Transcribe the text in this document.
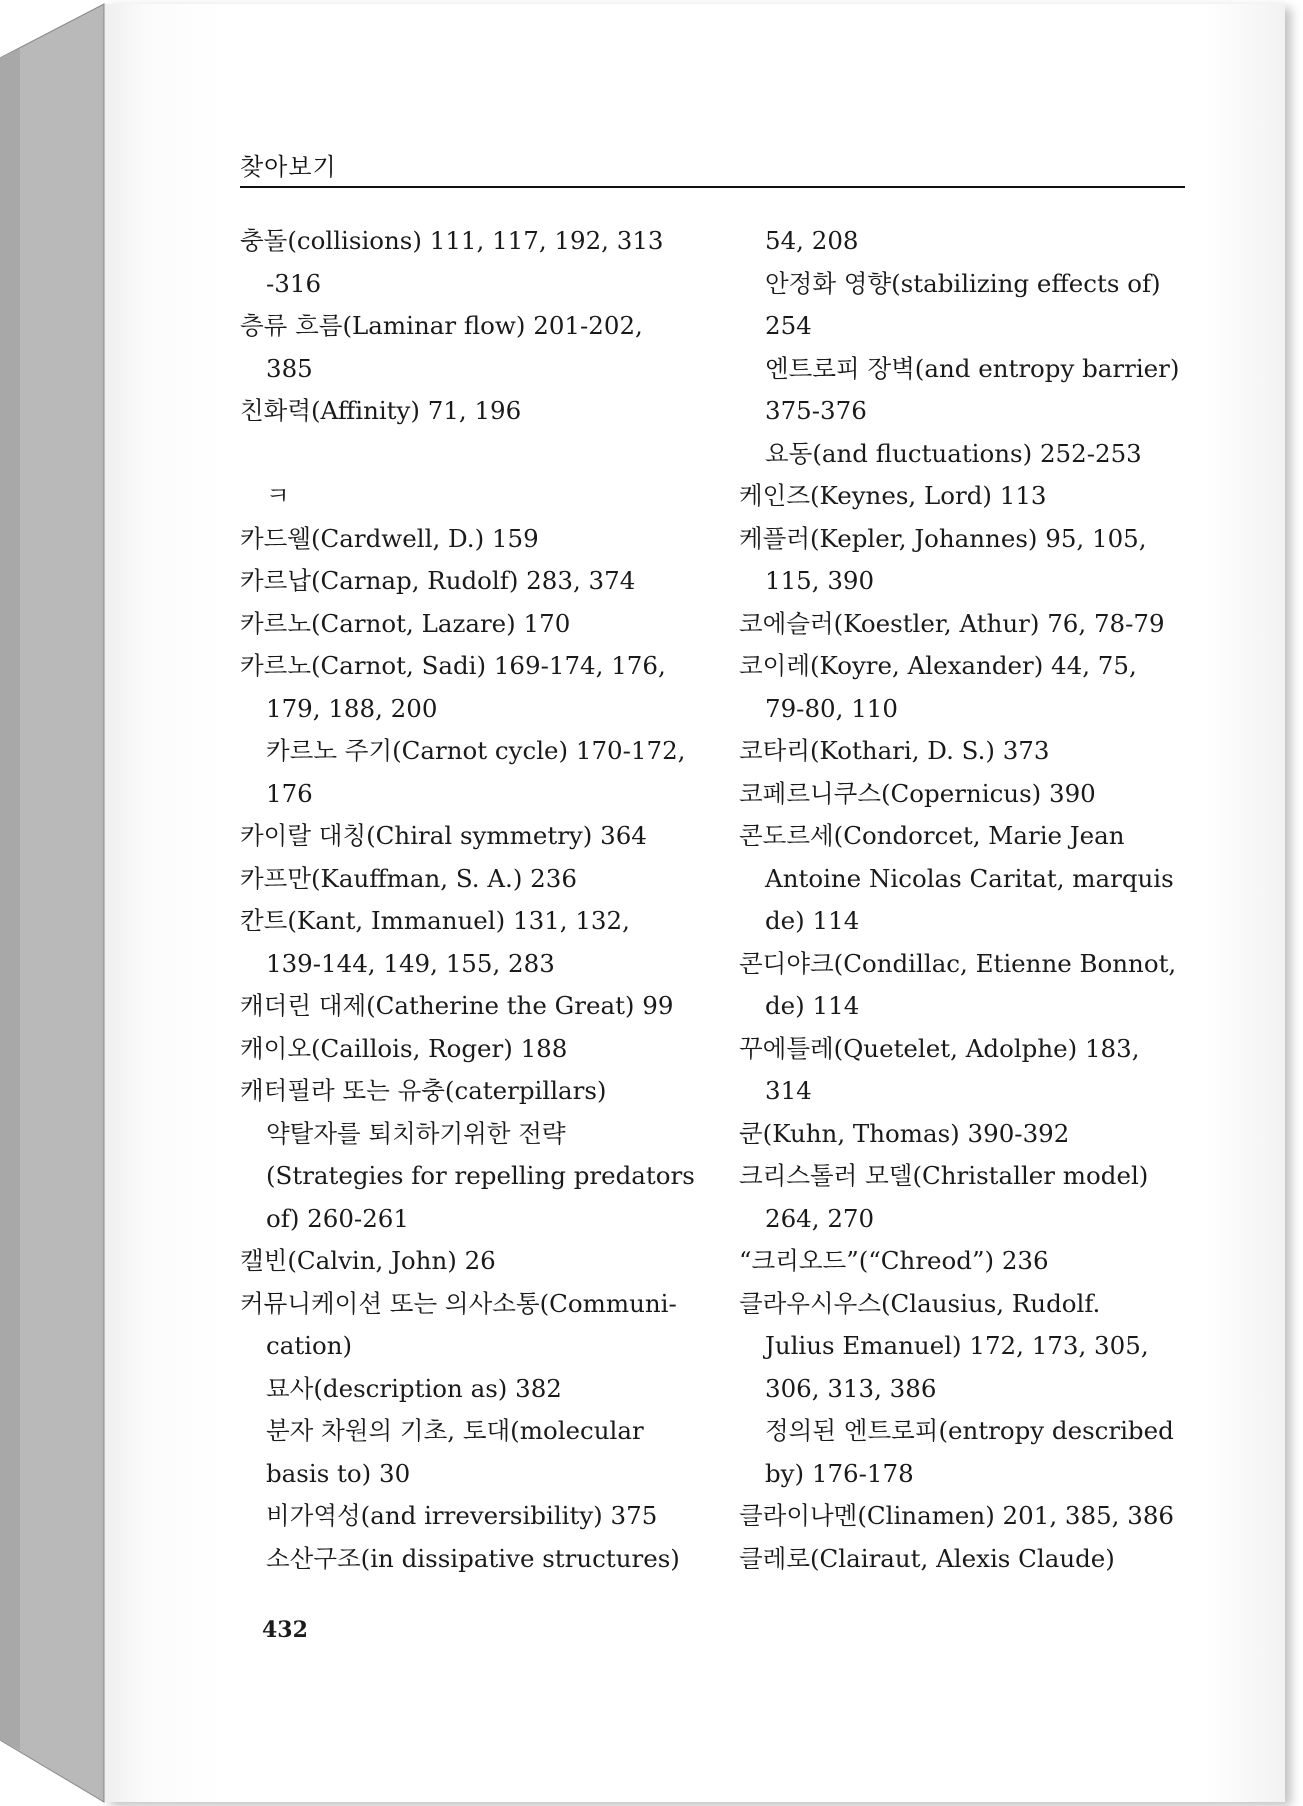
찾아보기
충돌(collisions) 111, 117, 192, 313
-316
층류 흐름(Laminar flow) 201-202,
385
친화력(Affinity) 71, 196
ㅋ
카드웰(Cardwell, D.) 159
카르납(Carnap, Rudolf) 283, 374
카르노(Carnot, Lazare) 170
카르노(Carnot, Sadi) 169-174, 176,
179, 188, 200
카르노 주기(Carnot cycle) 170-172,
176
카이랄 대칭(Chiral symmetry) 364
카프만(Kauffman, S. A.) 236
칸트(Kant, Immanuel) 131, 132,
139-144, 149, 155, 283
캐더린 대제(Catherine the Great) 99
캐이오(Caillois, Roger) 188
캐터필라 또는 유충(caterpillars)
약탈자를 퇴치하기위한 전략
(Strategies for repelling predators
of) 260-261
캘빈(Calvin, John) 26
커뮤니케이션 또는 의사소통(Communi-
cation)
묘사(description as) 382
분자 차원의 기초, 토대(molecular
basis to) 30
비가역성(and irreversibility) 375
소산구조(in dissipative structures)
54, 208
안정화 영향(stabilizing effects of)
254
엔트로피 장벽(and entropy barrier)
375-376
요동(and fluctuations) 252-253
케인즈(Keynes, Lord) 113
케플러(Kepler, Johannes) 95, 105,
115, 390
코에슬러(Koestler, Athur) 76, 78-79
코이레(Koyre, Alexander) 44, 75,
79-80, 110
코타리(Kothari, D. S.) 373
코페르니쿠스(Copernicus) 390
콘도르세(Condorcet, Marie Jean
Antoine Nicolas Caritat, marquis
de) 114
콘디야크(Condillac, Etienne Bonnot,
de) 114
꾸에틀레(Quetelet, Adolphe) 183,
314
쿤(Kuhn, Thomas) 390-392
크리스톨러 모델(Christaller model)
264, 270
“크리오드”(“Chreod”) 236
클라우시우스(Clausius, Rudolf.
Julius Emanuel) 172, 173, 305,
306, 313, 386
정의된 엔트로피(entropy described
by) 176-178
클라이나멘(Clinamen) 201, 385, 386
클레로(Clairaut, Alexis Claude)
432
